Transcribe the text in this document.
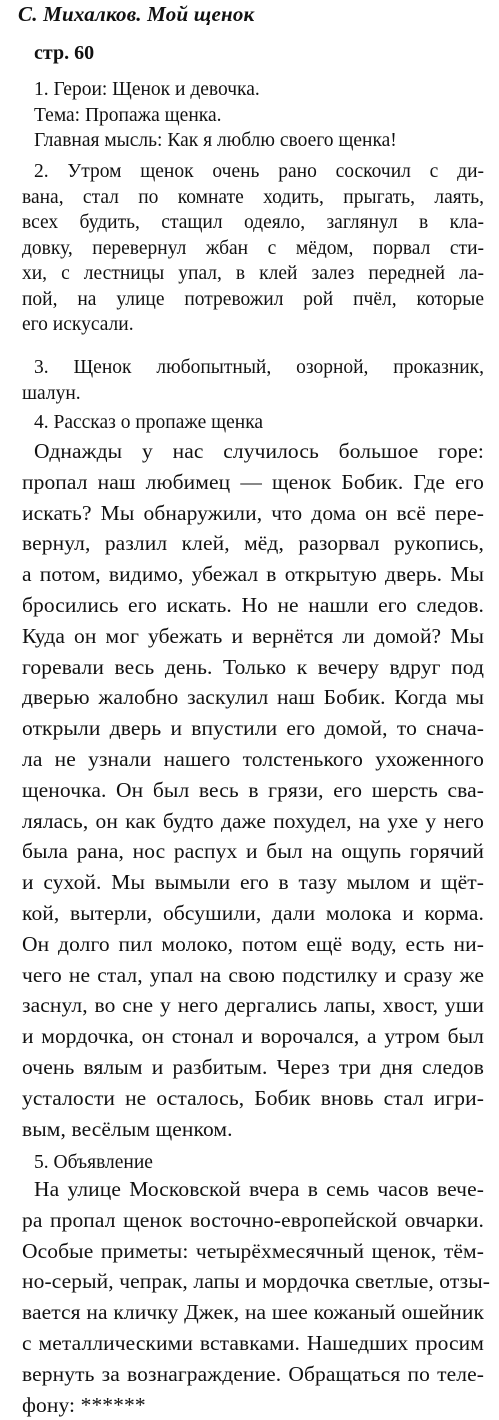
С. Михалков. Мой щенок
стр. 60
1. Герои: Щенок и девочка.
Тема: Пропажа щенка.
Главная мысль: Как я люблю своего щенка!
2. Утром щенок очень рано соскочил с ди-
вана, стал по комнате ходить, прыгать, лаять,
всех будить, стащил одеяло, заглянул в кла-
довку, перевернул жбан с мёдом, порвал сти-
хи, с лестницы упал, в клей залез передней ла-
пой, на улице потревожил рой пчёл, которые
его искусали.
3. Щенок любопытный, озорной, проказник,
шалун.
4. Рассказ о пропаже щенка
Однажды у нас случилось большое горе:
пропал наш любимец — щенок Бобик. Где его
искать? Мы обнаружили, что дома он всё пере-
вернул, разлил клей, мёд, разорвал рукопись,
а потом, видимо, убежал в открытую дверь. Мы
бросились его искать. Но не нашли его следов.
Куда он мог убежать и вернётся ли домой? Мы
горевали весь день. Только к вечеру вдруг под
дверью жалобно заскулил наш Бобик. Когда мы
открыли дверь и впустили его домой, то снача-
ла не узнали нашего толстенького ухоженного
щеночка. Он был весь в грязи, его шерсть сва-
лялась, он как будто даже похудел, на ухе у него
была рана, нос распух и был на ощупь горячий
и сухой. Мы вымыли его в тазу мылом и щёт-
кой, вытерли, обсушили, дали молока и корма.
Он долго пил молоко, потом ещё воду, есть ни-
чего не стал, упал на свою подстилку и сразу же
заснул, во сне у него дергались лапы, хвост, уши
и мордочка, он стонал и ворочался, а утром был
очень вялым и разбитым. Через три дня следов
усталости не осталось, Бобик вновь стал игри-
вым, весёлым щенком.
5. Объявление
На улице Московской вчера в семь часов вече-
ра пропал щенок восточно-европейской овчарки.
Особые приметы: четырёхмесячный щенок, тём-
но-серый, чепрак, лапы и мордочка светлые, отзы-
вается на кличку Джек, на шее кожаный ошейник
с металлическими вставками. Нашедших просим
вернуть за вознаграждение. Обращаться по теле-
фону: ******
